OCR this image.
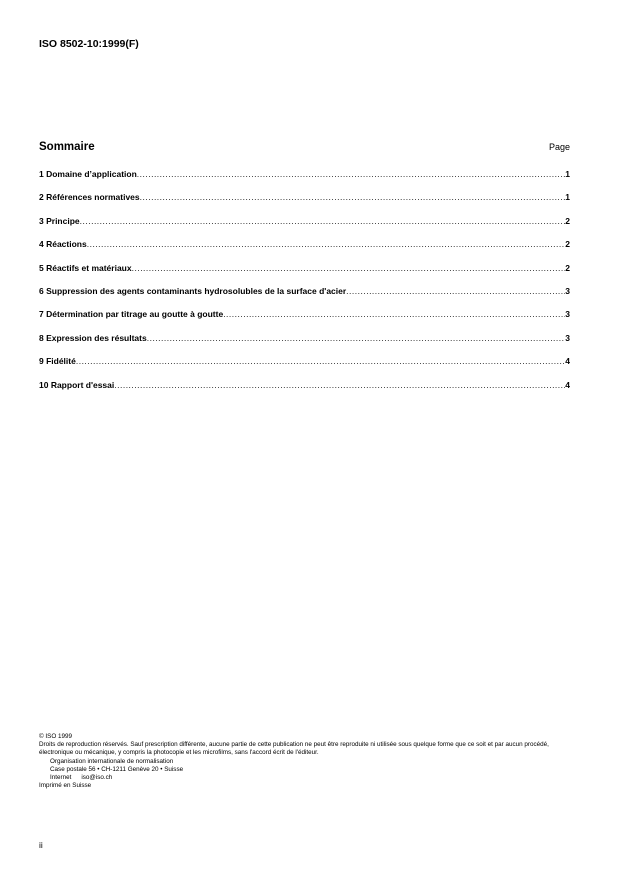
ISO 8502-10:1999(F)
Sommaire	Page
1 Domaine d’application .....	1
2 Références normatives .....	1
3 Principe .....	2
4 Réactions .....	2
5 Réactifs et matériaux .....	2
6 Suppression des agents contaminants hydrosolubles de la surface d'acier .....	3
7 Détermination par titrage au goutte à goutte .....	3
8 Expression des résultats .....	3
9 Fidélité .....	4
10 Rapport d'essai .....	4
© ISO 1999
Droits de reproduction réservés. Sauf prescription différente, aucune partie de cette publication ne peut être reproduite ni utilisée sous quelque forme que ce soit et par aucun procédé, électronique ou mécanique, y compris la photocopie et les microfilms, sans l'accord écrit de l'éditeur.
Organisation internationale de normalisation
Case postale 56 • CH-1211 Genève 20 • Suisse
Internet iso@iso.ch
Imprimé en Suisse
ii
